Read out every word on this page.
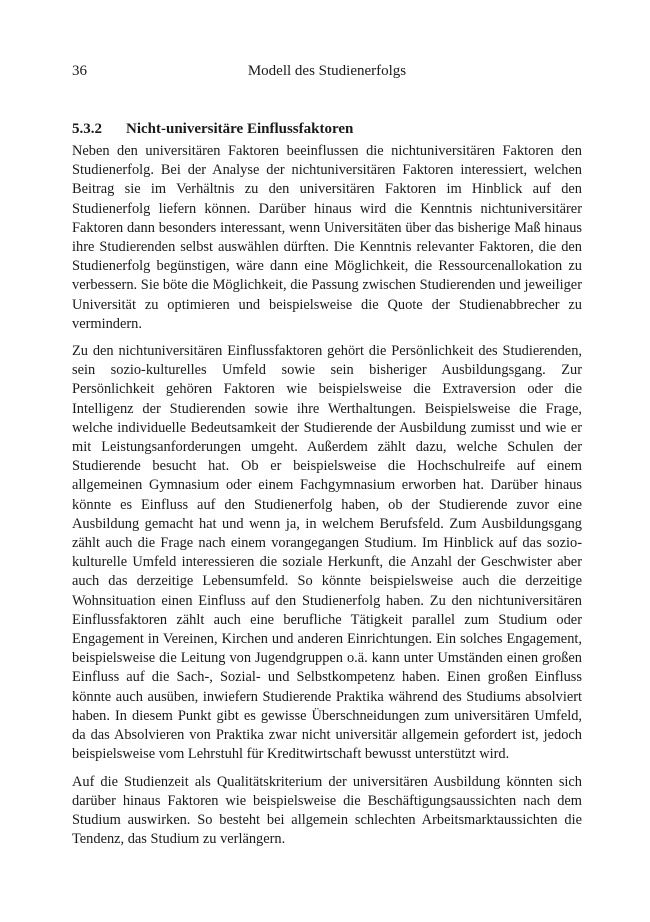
36	Modell des Studienerfolgs
5.3.2 Nicht-universitäre Einflussfaktoren

Neben den universitären Faktoren beeinflussen die nichtuniversitären Faktoren den Studienerfolg. Bei der Analyse der nichtuniversitären Faktoren interessiert, welchen Beitrag sie im Verhältnis zu den universitären Faktoren im Hinblick auf den Studienerfolg liefern können. Darüber hinaus wird die Kenntnis nichtuniversitärer Faktoren dann besonders interessant, wenn Universitäten über das bisherige Maß hinaus ihre Studierenden selbst auswählen dürften. Die Kenntnis relevanter Faktoren, die den Studienerfolg begünstigen, wäre dann eine Möglichkeit, die Ressourcenallokation zu verbessern. Sie böte die Möglichkeit, die Passung zwischen Studierenden und jeweiliger Universität zu optimieren und beispielsweise die Quote der Studienabbrecher zu vermindern.

Zu den nichtuniversitären Einflussfaktoren gehört die Persönlichkeit des Studierenden, sein sozio-kulturelles Umfeld sowie sein bisheriger Ausbildungsgang. Zur Persönlichkeit gehören Faktoren wie beispielsweise die Extraversion oder die Intelligenz der Studierenden sowie ihre Werthaltungen. Beispielsweise die Frage, welche individuelle Bedeutsamkeit der Studierende der Ausbildung zumisst und wie er mit Leistungsanforderungen umgeht. Außerdem zählt dazu, welche Schulen der Studierende besucht hat. Ob er beispielsweise die Hochschulreife auf einem allgemeinen Gymnasium oder einem Fachgymnasium erworben hat. Darüber hinaus könnte es Einfluss auf den Studienerfolg haben, ob der Studierende zuvor eine Ausbildung gemacht hat und wenn ja, in welchem Berufsfeld. Zum Ausbildungsgang zählt auch die Frage nach einem vorangegangen Studium. Im Hinblick auf das sozio-kulturelle Umfeld interessieren die soziale Herkunft, die Anzahl der Geschwister aber auch das derzeitige Lebensumfeld. So könnte beispielsweise auch die derzeitige Wohnsituation einen Einfluss auf den Studienerfolg haben. Zu den nichtuniversitären Einflussfaktoren zählt auch eine berufliche Tätigkeit parallel zum Studium oder Engagement in Vereinen, Kirchen und anderen Einrichtungen. Ein solches Engagement, beispielsweise die Leitung von Jugendgruppen o.ä. kann unter Umständen einen großen Einfluss auf die Sach-, Sozial- und Selbstkompetenz haben. Einen großen Einfluss könnte auch ausüben, inwiefern Studierende Praktika während des Studiums absolviert haben. In diesem Punkt gibt es gewisse Überschneidungen zum universitären Umfeld, da das Absolvieren von Praktika zwar nicht universitär allgemein gefordert ist, jedoch beispielsweise vom Lehrstuhl für Kreditwirtschaft bewusst unterstützt wird.

Auf die Studienzeit als Qualitätskriterium der universitären Ausbildung könnten sich darüber hinaus Faktoren wie beispielsweise die Beschäftigungsaussichten nach dem Studium auswirken. So besteht bei allgemein schlechten Arbeitsmarktaussichten die Tendenz, das Studium zu verlängern.
